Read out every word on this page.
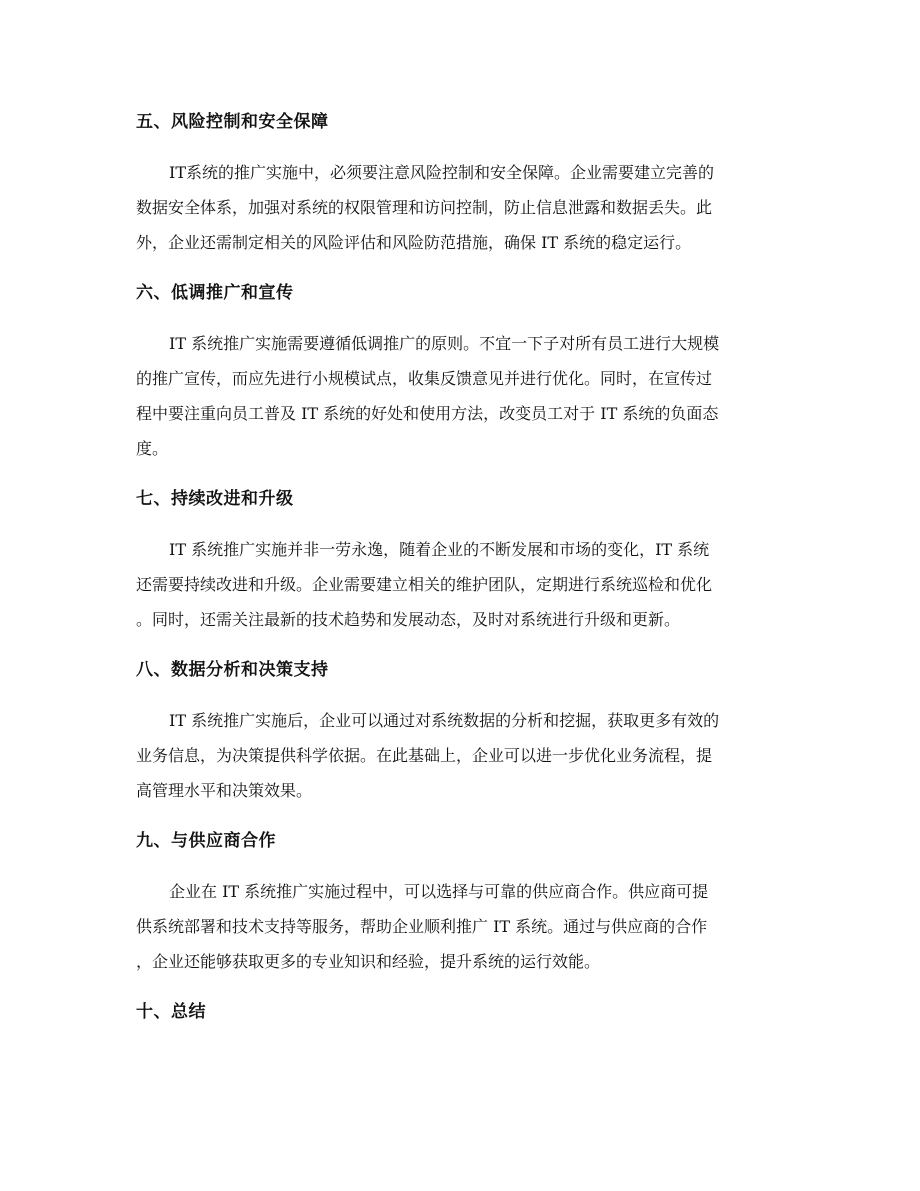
五、风险控制和安全保障
IT系统的推广实施中，必须要注意风险控制和安全保障。企业需要建立完善的
数据安全体系，加强对系统的权限管理和访问控制，防止信息泄露和数据丢失。此
外，企业还需制定相关的风险评估和风险防范措施，确保 IT 系统的稳定运行。
六、低调推广和宣传
IT 系统推广实施需要遵循低调推广的原则。不宜一下子对所有员工进行大规模
的推广宣传，而应先进行小规模试点，收集反馈意见并进行优化。同时，在宣传过
程中要注重向员工普及 IT 系统的好处和使用方法，改变员工对于 IT 系统的负面态
度。
七、持续改进和升级
IT 系统推广实施并非一劳永逸，随着企业的不断发展和市场的变化，IT 系统
还需要持续改进和升级。企业需要建立相关的维护团队，定期进行系统巡检和优化
。同时，还需关注最新的技术趋势和发展动态，及时对系统进行升级和更新。
八、数据分析和决策支持
IT 系统推广实施后，企业可以通过对系统数据的分析和挖掘，获取更多有效的
业务信息，为决策提供科学依据。在此基础上，企业可以进一步优化业务流程，提
高管理水平和决策效果。
九、与供应商合作
企业在 IT 系统推广实施过程中，可以选择与可靠的供应商合作。供应商可提
供系统部署和技术支持等服务，帮助企业顺利推广 IT 系统。通过与供应商的合作
，企业还能够获取更多的专业知识和经验，提升系统的运行效能。
十、总结
